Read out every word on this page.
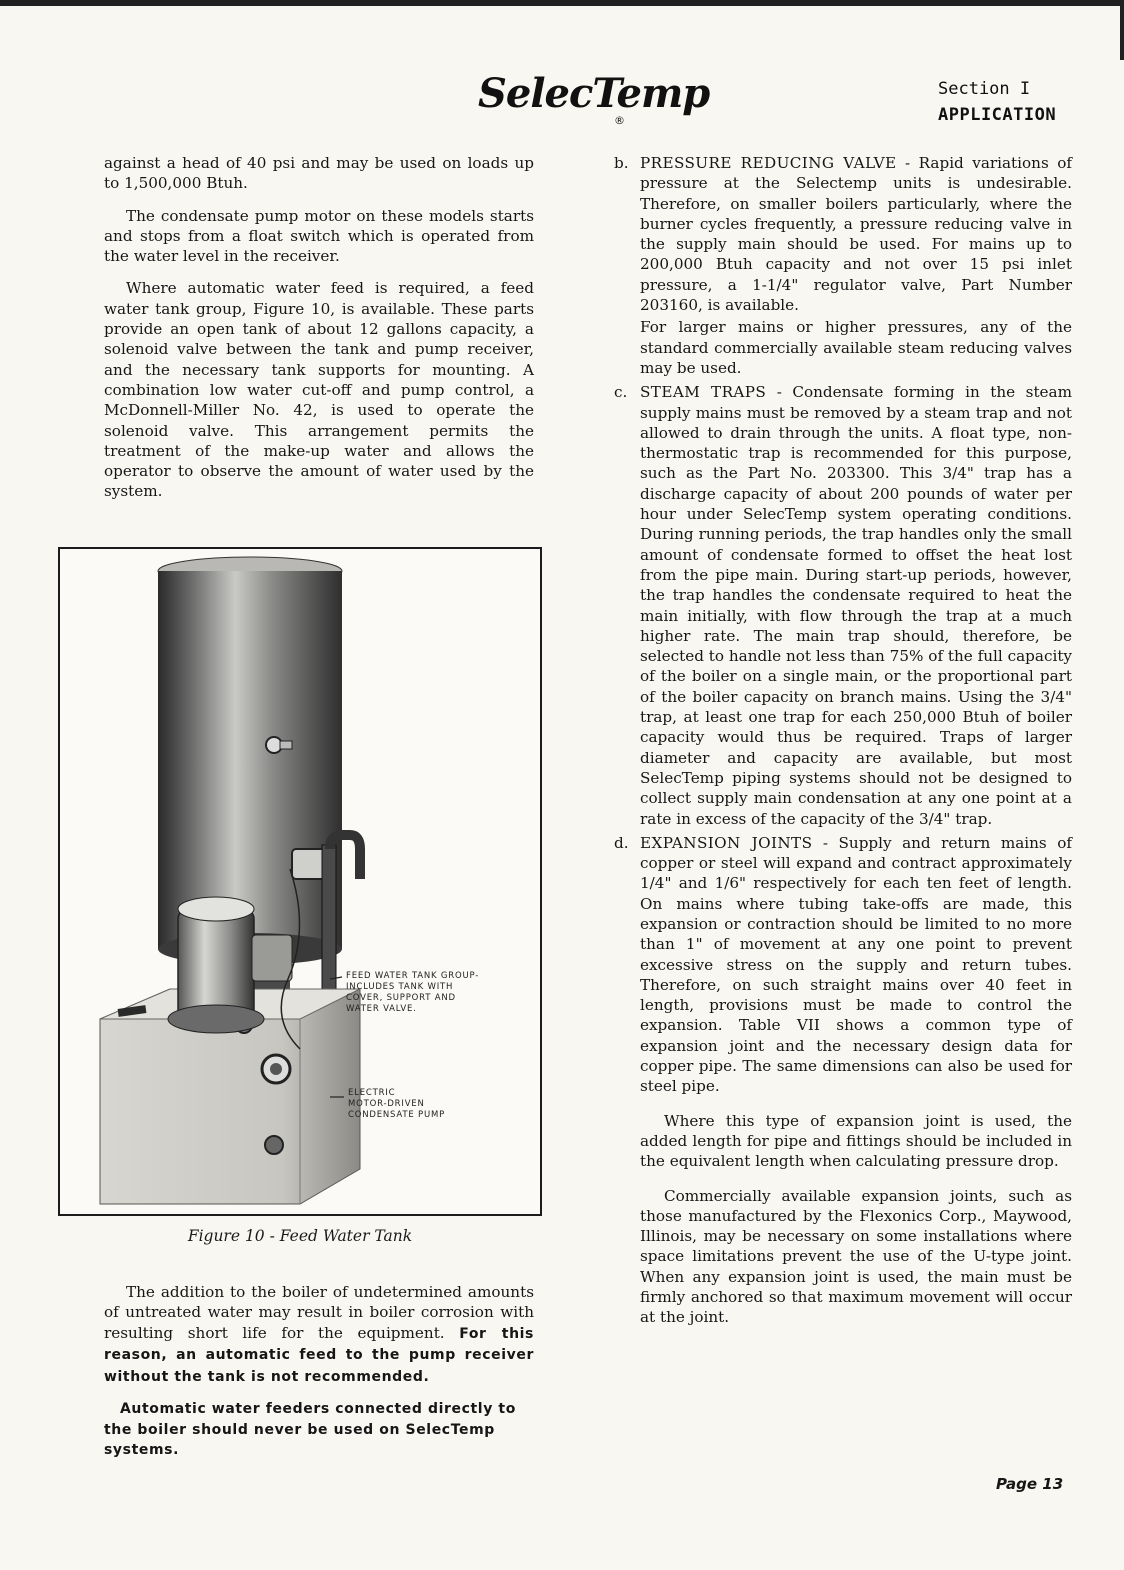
SelecTemp
®
Section I
APPLICATION

against a head of 40 psi and may be used on loads up to 1,500,000 Btuh.

The condensate pump motor on these models starts and stops from a float switch which is operated from the water level in the receiver.

Where automatic water feed is required, a feed water tank group, Figure 10, is available. These parts provide an open tank of about 12 gallons capacity, a solenoid valve between the tank and pump receiver, and the necessary tank supports for mounting. A combination low water cut-off and pump control, a McDonnell-Miller No. 42, is used to operate the solenoid valve. This arrangement permits the treatment of the make-up water and allows the operator to observe the amount of water used by the system.

FEED WATER TANK GROUP-
INCLUDES TANK WITH
COVER, SUPPORT AND
WATER VALVE.
ELECTRIC
MOTOR-DRIVEN
CONDENSATE PUMP
Figure 10 - Feed Water Tank

The addition to the boiler of undetermined amounts of untreated water may result in boiler corrosion with resulting short life for the equipment. For this reason, an automatic feed to the pump receiver without the tank is not recommended.

Automatic water feeders connected directly to the boiler should never be used on SelecTemp systems.

b. PRESSURE REDUCING VALVE - Rapid variations of pressure at the Selectemp units is undesirable. Therefore, on smaller boilers particularly, where the burner cycles frequently, a pressure reducing valve in the supply main should be used. For mains up to 200,000 Btuh capacity and not over 15 psi inlet pressure, a 1-1/4" regulator valve, Part Number 203160, is available.

For larger mains or higher pressures, any of the standard commercially available steam reducing valves may be used.

c. STEAM TRAPS - Condensate forming in the steam supply mains must be removed by a steam trap and not allowed to drain through the units. A float type, non-thermostatic trap is recommended for this purpose, such as the Part No. 203300. This 3/4" trap has a discharge capacity of about 200 pounds of water per hour under SelecTemp system operating conditions. During running periods, the trap handles only the small amount of condensate formed to offset the heat lost from the pipe main. During start-up periods, however, the trap handles the condensate required to heat the main initially, with flow through the trap at a much higher rate. The main trap should, therefore, be selected to handle not less than 75% of the full capacity of the boiler on a single main, or the proportional part of the boiler capacity on branch mains. Using the 3/4" trap, at least one trap for each 250,000 Btuh of boiler capacity would thus be required. Traps of larger diameter and capacity are available, but most SelecTemp piping systems should not be designed to collect supply main condensation at any one point at a rate in excess of the capacity of the 3/4" trap.
d. EXPANSION JOINTS - Supply and return mains of copper or steel will expand and contract approximately 1/4" and 1/6" respectively for each ten feet of length. On mains where tubing take-offs are made, this expansion or contraction should be limited to no more than 1" of movement at any one point to prevent excessive stress on the supply and return tubes. Therefore, on such straight mains over 40 feet in length, provisions must be made to control the expansion. Table VII shows a common type of expansion joint and the necessary design data for copper pipe. The same dimensions can also be used for steel pipe.

Where this type of expansion joint is used, the added length for pipe and fittings should be included in the equivalent length when calculating pressure drop.

Commercially available expansion joints, such as those manufactured by the Flexonics Corp., Maywood, Illinois, may be necessary on some installations where space limitations prevent the use of the U-type joint. When any expansion joint is used, the main must be firmly anchored so that maximum movement will occur at the joint.

Page 13
